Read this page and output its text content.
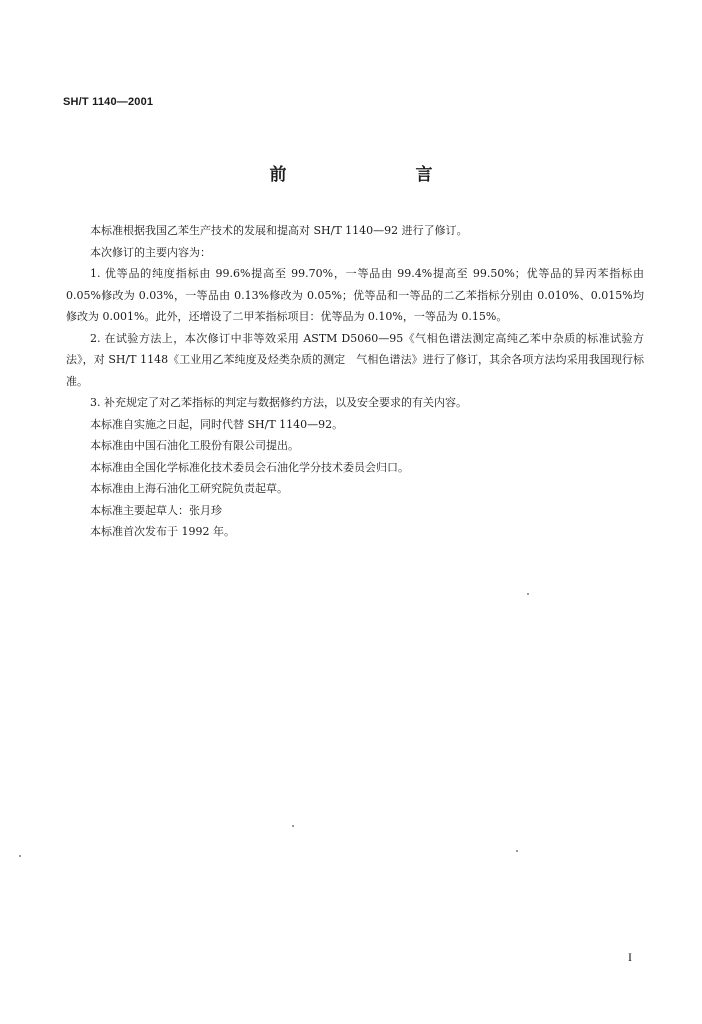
SH/T 1140—2001
前　言

本标准根据我国乙苯生产技术的发展和提高对 SH/T 1140—92 进行了修订。

本次修订的主要内容为：

1. 优等品的纯度指标由 99.6%提高至 99.70%，一等品由 99.4%提高至 99.50%；优等品的异丙苯指标由 0.05%修改为 0.03%，一等品由 0.13%修改为 0.05%；优等品和一等品的二乙苯指标分别由 0.010%、0.015%均修改为 0.001%。此外，还增设了二甲苯指标项目：优等品为 0.10%，一等品为 0.15%。

2. 在试验方法上，本次修订中非等效采用 ASTM D5060—95《气相色谱法测定高纯乙苯中杂质的标准试验方法》，对 SH/T 1148《工业用乙苯纯度及烃类杂质的测定　气相色谱法》进行了修订，其余各项方法均采用我国现行标准。

3. 补充规定了对乙苯指标的判定与数据修约方法，以及安全要求的有关内容。

本标准自实施之日起，同时代替 SH/T 1140—92。

本标准由中国石油化工股份有限公司提出。

本标准由全国化学标准化技术委员会石油化学分技术委员会归口。

本标准由上海石油化工研究院负责起草。

本标准主要起草人：张月珍

本标准首次发布于 1992 年。

I
